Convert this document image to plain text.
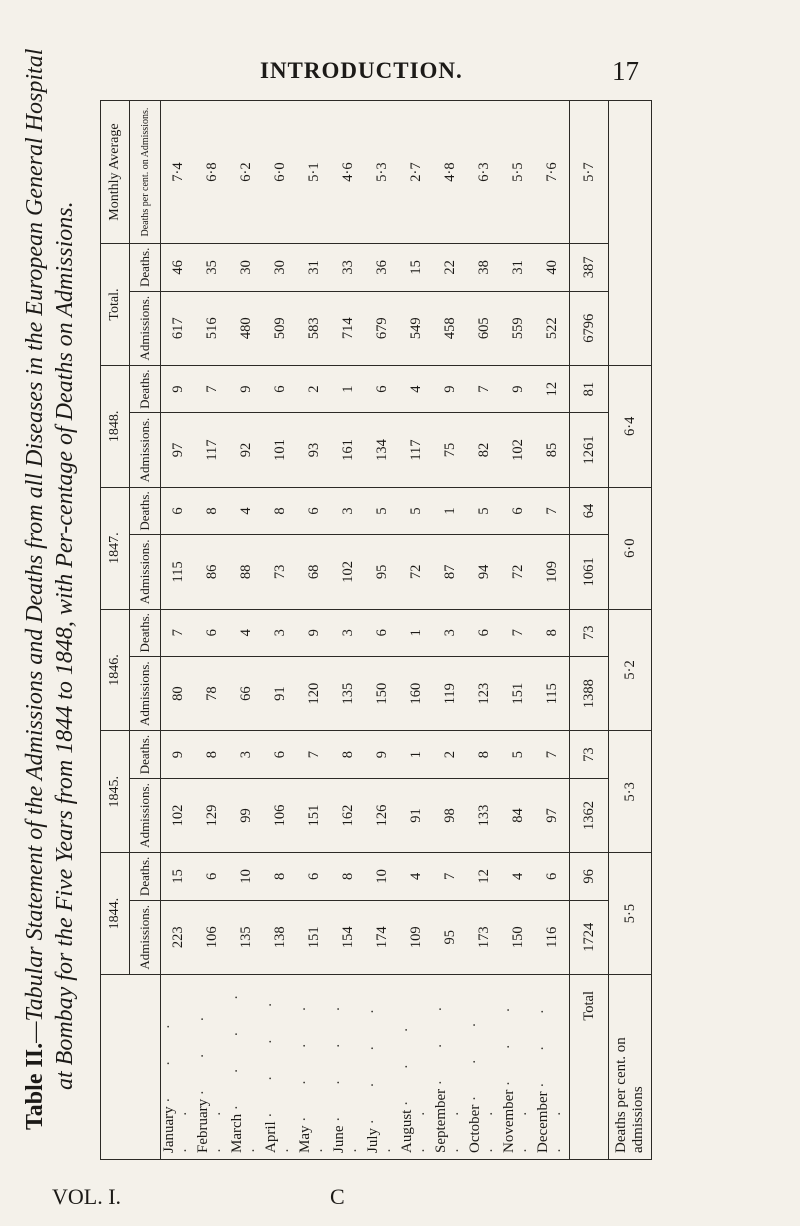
INTRODUCTION.	17
Table II.—Tabular Statement of the Admissions and Deaths from all Diseases in the European General Hospital at Bombay for the Five Years from 1844 to 1848, with Per-centage of Deaths on Admissions.
	1844.		1845.		1846.		1847.		1848.		Total.		Monthly Average
	Admissions.	Deaths.	Admissions.	Deaths.	Admissions.	Deaths.	Admissions.	Deaths.	Admissions.	Deaths.	Admissions.	Deaths.	Deaths per cent. on Admissions.
January · · · · ·	223	15	102	9	80	7	115	6	97	9	617	46	7·4
February · · · · ·	106	6	129	8	78	6	86	8	117	7	516	35	6·8
March · · · · ·	135	10	99	3	66	4	88	4	92	9	480	30	6·2
April · · · · ·	138	8	106	6	91	3	73	8	101	6	509	30	6·0
May · · · · ·	151	6	151	7	120	9	68	6	93	2	583	31	5·1
June · · · · ·	154	8	162	8	135	3	102	3	161	1	714	33	4·6
July · · · · ·	174	10	126	9	150	6	95	5	134	6	679	36	5·3
August · · · · ·	109	4	91	1	160	1	72	5	117	4	549	15	2·7
September · · · · ·	95	7	98	2	119	3	87	1	75	9	458	22	4·8
October · · · · ·	173	12	133	8	123	6	94	5	82	7	605	38	6·3
November · · · · ·	150	4	84	5	151	7	72	6	102	9	559	31	5·5
December · · · · ·	116	6	97	7	115	8	109	7	85	12	522	40	7·6
Total	1724	96	1362	73	1388	73	1061	64	1261	81	6796	387	5·7
Deaths per cent. on admissions	5·5		5·3		5·2		6·0		6·4				
VOL. I.	C
